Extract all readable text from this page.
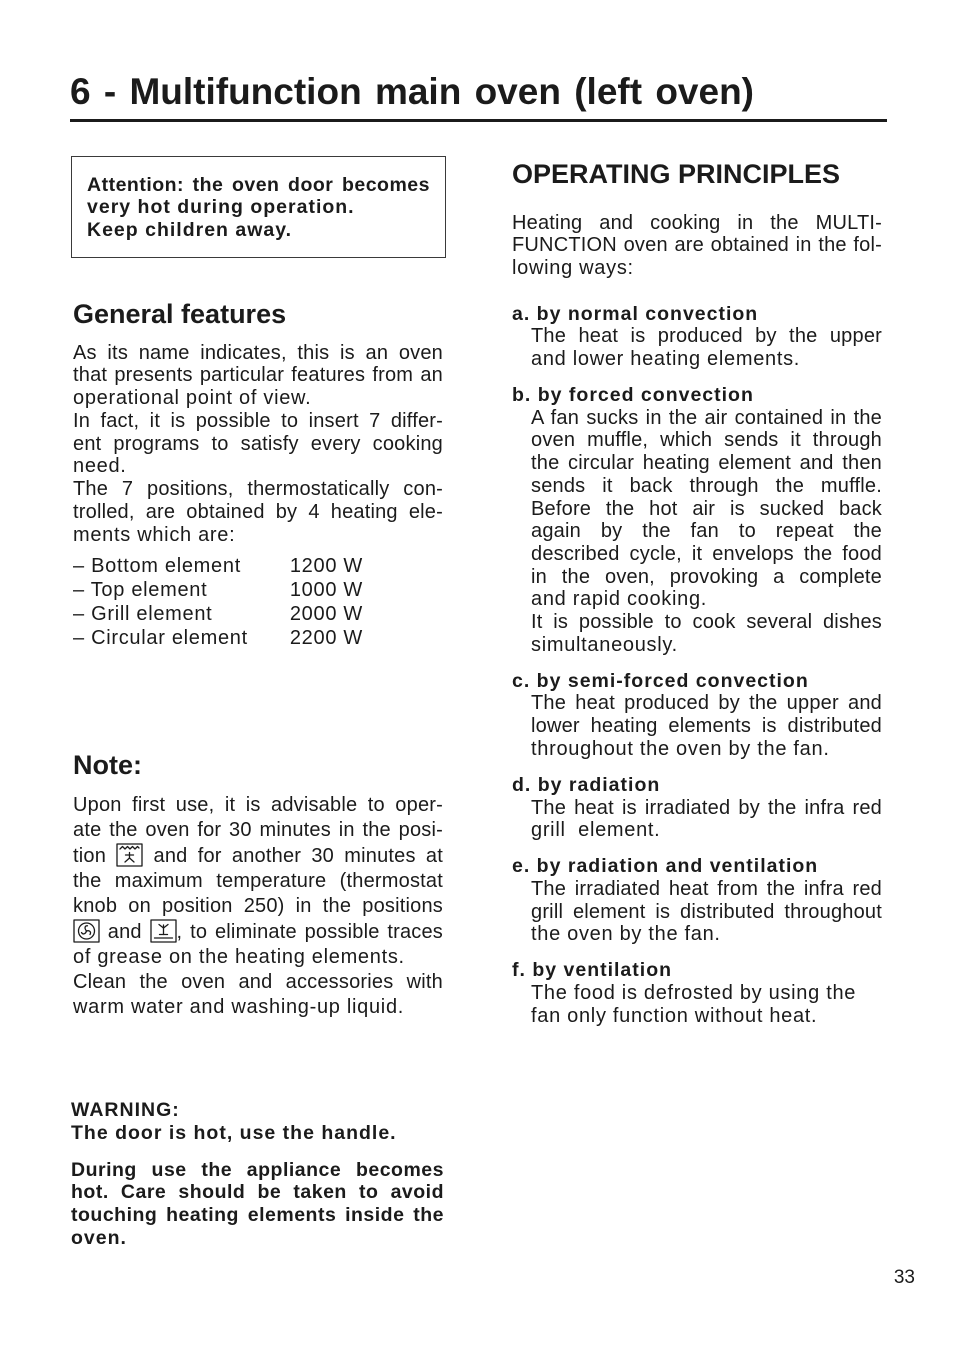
6 - Multifunction main oven (left oven)
Attention: the oven door becomes
very hot during operation.
Keep children away.
General features
As its name indicates, this is an oven
that presents particular features from an
operational point of view.
In fact, it is possible to insert 7 differ-
ent programs to satisfy every cooking
need.
The 7 positions, thermostatically con-
trolled, are obtained by 4 heating ele-
ments which are:
– Bottom element 1200 W
– Top element	1000 W
– Grill element	2000 W
– Circular element 2200 W
Note:
Upon first use, it is advisable to oper-
ate the oven for 30 minutes in the posi-
tion
and for another 30 minutes at
the maximum temperature (thermostat
knob on position 250) in the positions
and
, to eliminate possible traces
of grease on the heating elements.
Clean the oven and accessories with
warm water and washing-up liquid.
WARNING:
The door is hot, use the handle.
During use the appliance becomes
hot. Care should be taken to avoid
touching heating elements inside the
oven.
OPERATING PRINCIPLES
Heating and cooking in the MULTI-
FUNCTION oven are obtained in the fol-
lowing ways:
a. by normal convection
The heat is produced by the upper
and lower heating elements.
b. by forced convection
A fan sucks in the air contained in the
oven muffle, which sends it through
the circular heating element and then
sends it back through the muffle.
Before the hot air is sucked back
again by the fan to repeat the
described cycle, it envelops the food
in the oven, provoking a complete
and rapid cooking.
It is possible to cook several dishes
simultaneously.
c. by semi-forced convection
The heat produced by the upper and
lower heating elements is distributed
throughout the oven by the fan.
d. by radiation
The heat is irradiated by the infra red
grill  element.
e. by radiation and ventilation
The irradiated heat from the infra red
grill element is distributed throughout
the oven by the fan.
f. by ventilation
The food is defrosted by using the
fan only function without heat.
33
